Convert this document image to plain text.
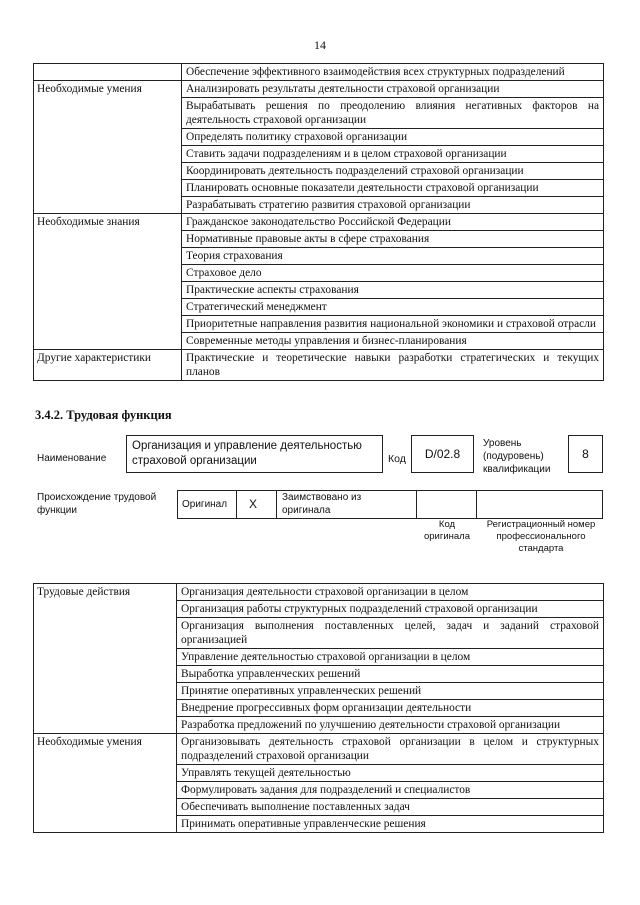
14
	Обеспечение эффективного взаимодействия всех структурных подразделений
Необходимые умения	Анализировать результаты деятельности страховой организации
	Вырабатывать решения по преодолению влияния негативных факторов на деятельность страховой организации
	Определять политику страховой организации
	Ставить задачи подразделениям и в целом страховой организации
	Координировать деятельность подразделений страховой организации
	Планировать основные показатели деятельности страховой организации
	Разрабатывать стратегию развития страховой организации
Необходимые знания	Гражданское законодательство Российской Федерации
	Нормативные правовые акты в сфере страхования
	Теория страхования
	Страховое дело
	Практические аспекты страхования
	Стратегический менеджмент
	Приоритетные направления развития национальной экономики и страховой отрасли
	Современные методы управления и бизнес-планирования
Другие характеристики	Практические и теоретические навыки разработки стратегических и текущих планов
3.4.2. Трудовая функция
Наименование
Организация и управление деятельностью страховой организации	Код	D/02.8
Уровень (подуровень) квалификации
8
Происхождение трудовой функции
Оригинал X Заимствовано из оригинала
Код оригинала
Регистрационный номер профессионального стандарта
Трудовые действия	Организация деятельности страховой организации в целом
	Организация работы структурных подразделений страховой организации
	Организация выполнения поставленных целей, задач и заданий страховой организацией
	Управление деятельностью страховой организации в целом
	Выработка управленческих решений
	Принятие оперативных управленческих решений
	Внедрение прогрессивных форм организации деятельности
	Разработка предложений по улучшению деятельности страховой организации
Необходимые умения	Организовывать деятельность страховой организации в целом и структурных подразделений страховой организации
	Управлять текущей деятельностью
	Формулировать задания для подразделений и специалистов
	Обеспечивать выполнение поставленных задач
	Принимать оперативные управленческие решения
